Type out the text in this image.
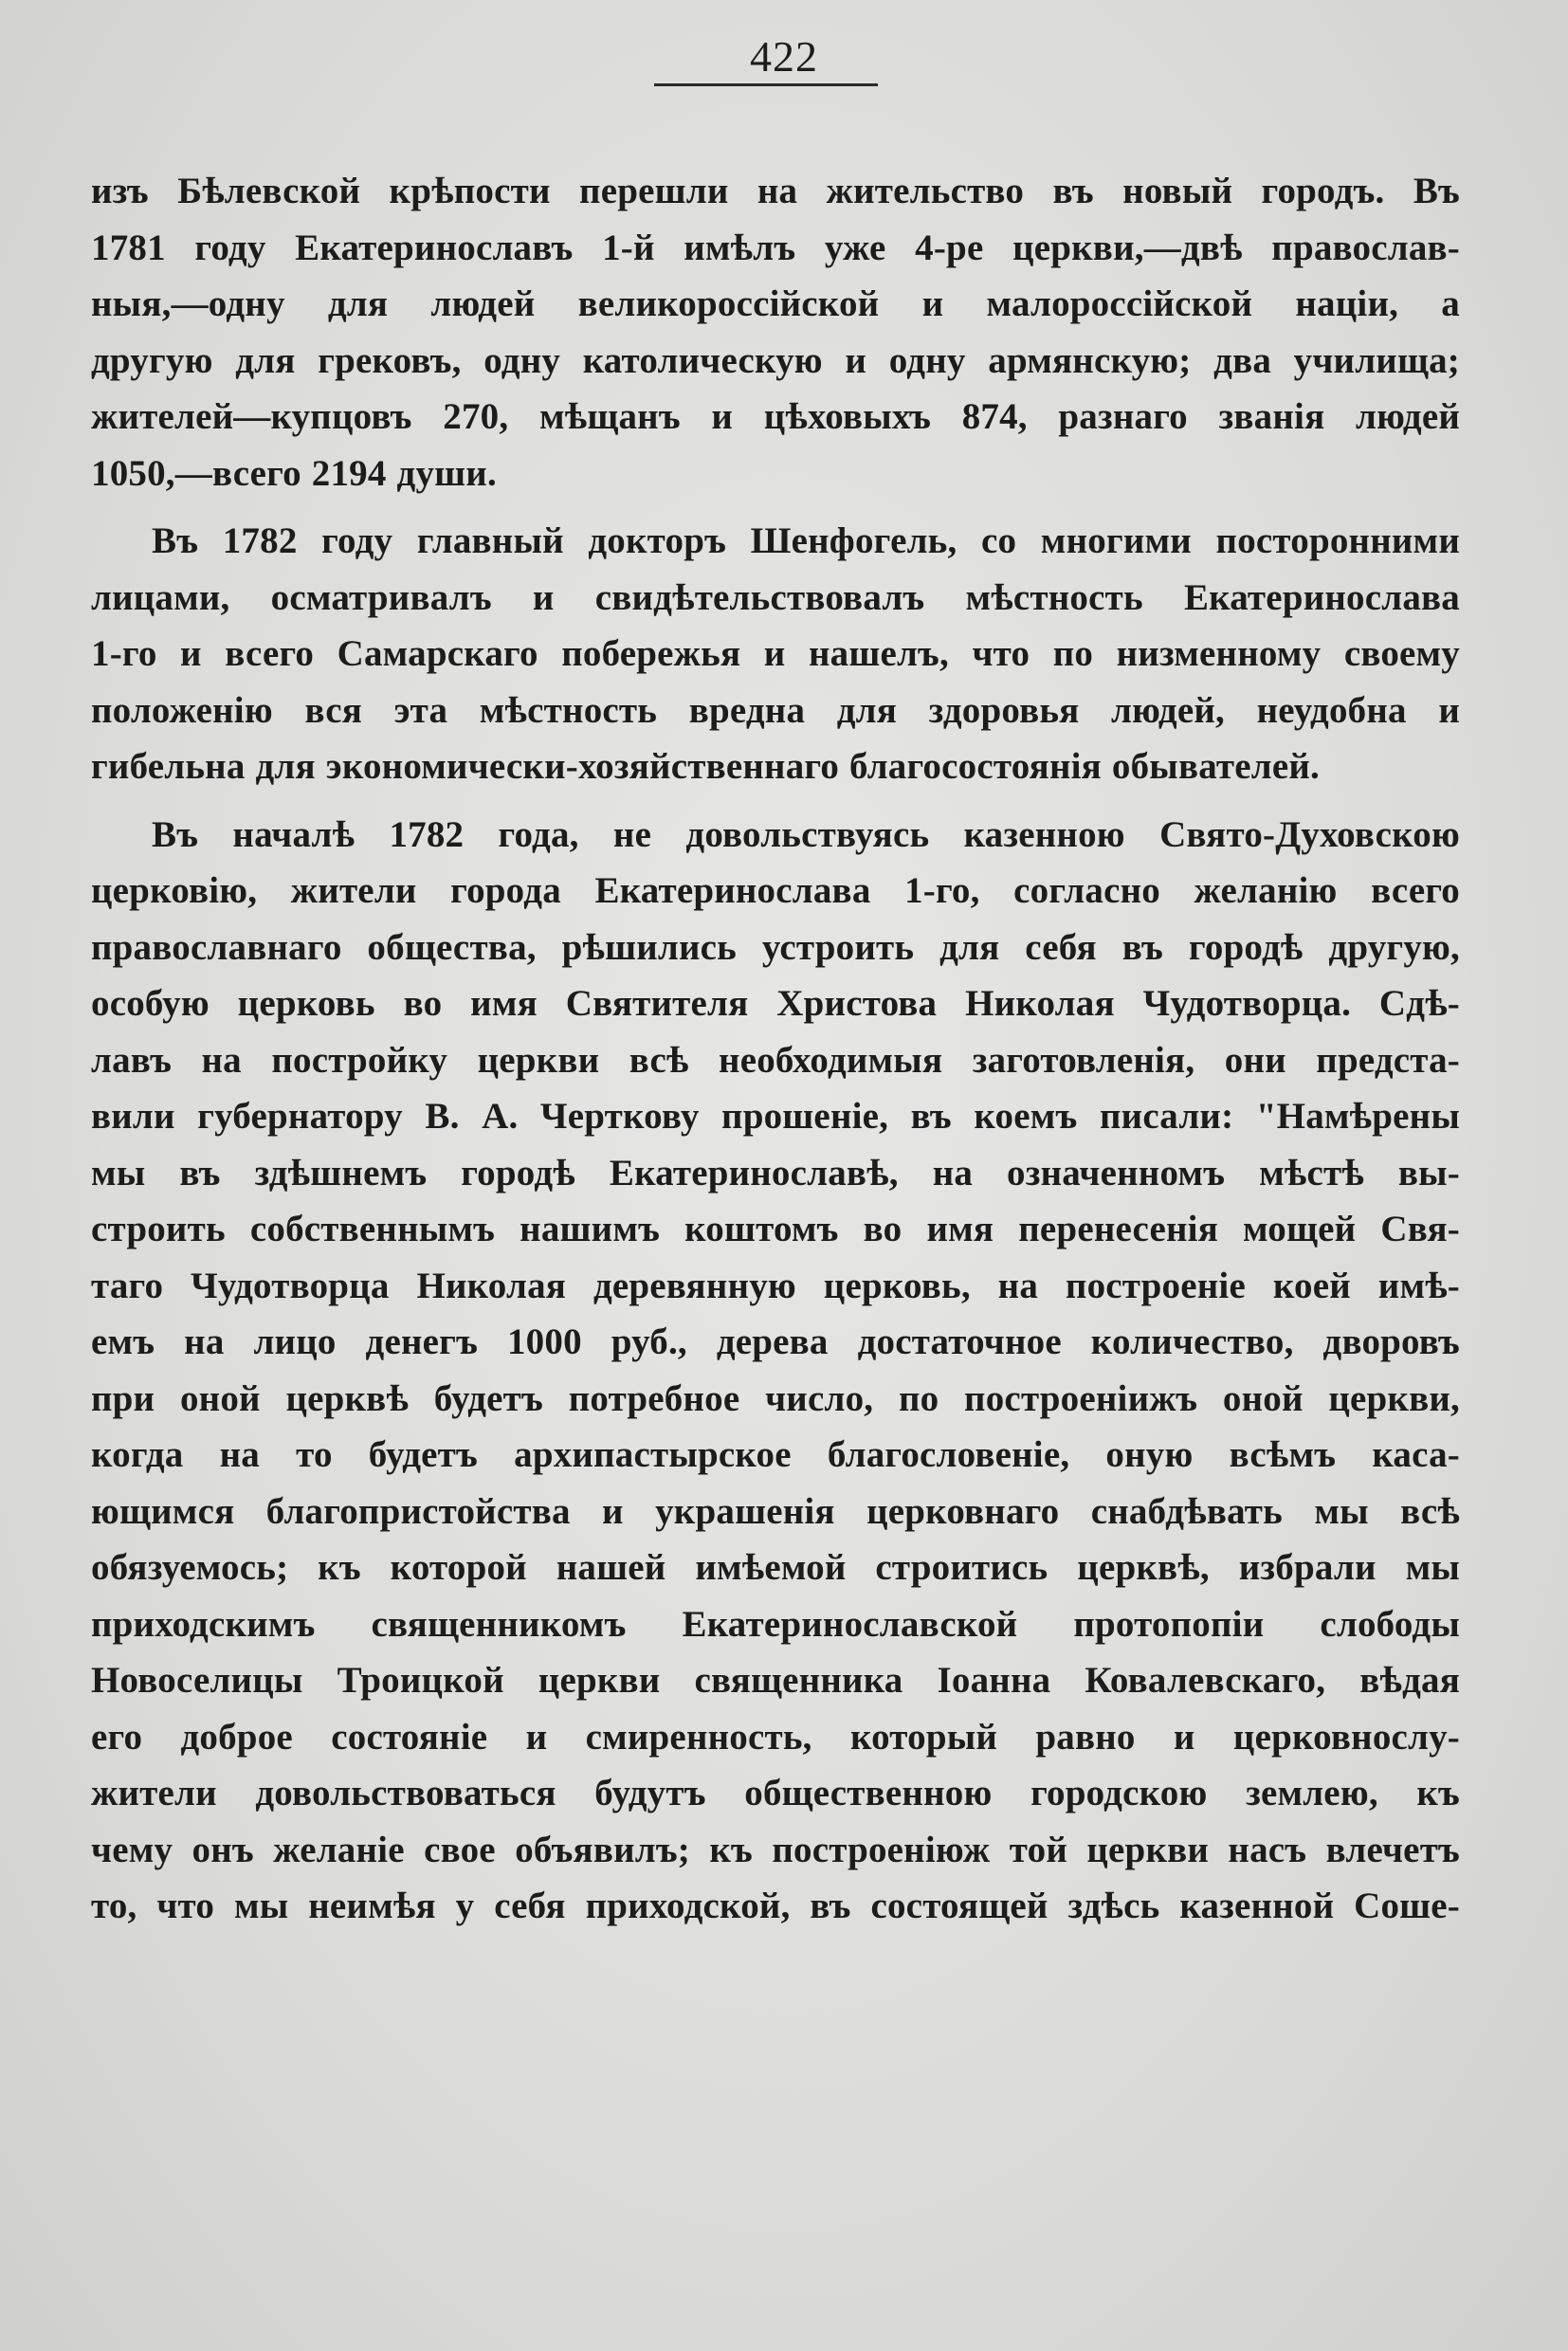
422
изъ Бѣлевской крѣпости перешли на жительство въ новый городъ. Въ
1781 году Екатеринославъ 1-й имѣлъ уже 4-ре церкви,—двѣ православ-
ныя,—одну для людей великороссійской и малороссійской націи, а
другую для грековъ, одну католическую и одну армянскую; два училища;
жителей—купцовъ 270, мѣщанъ и цѣховыхъ 874, разнаго званія людей
1050,—всего 2194 души.
Въ 1782 году главный докторъ Шенфогель, со многими посторонними
лицами, осматривалъ и свидѣтельствовалъ мѣстность Екатеринослава
1-го и всего Самарскаго побережья и нашелъ, что по низменному своему
положенію вся эта мѣстность вредна для здоровья людей, неудобна и
гибельна для экономически-хозяйственнаго благосостоянія обывателей.
Въ началѣ 1782 года, не довольствуясь казенною Свято-Духовскою
церковію, жители города Екатеринослава 1-го, согласно желанію всего
православнаго общества, рѣшились устроить для себя въ городѣ другую,
особую церковь во имя Святителя Христова Николая Чудотворца. Сдѣ-
лавъ на постройку церкви всѣ необходимыя заготовленія, они предста-
вили губернатору В. А. Черткову прошеніе, въ коемъ писали: "Намѣрены
мы въ здѣшнемъ городѣ Екатеринославѣ, на означенномъ мѣстѣ вы-
строить собственнымъ нашимъ коштомъ во имя перенесенія мощей Свя-
таго Чудотворца Николая деревянную церковь, на построеніе коей имѣ-
емъ на лицо денегъ 1000 руб., дерева достаточное количество, дворовъ
при оной церквѣ будетъ потребное число, по построеніижъ оной церкви,
когда на то будетъ архипастырское благословеніе, оную всѣмъ каса-
ющимся благопристойства и украшенія церковнаго снабдѣвать мы всѣ
обязуемось; къ которой нашей имѣемой строитись церквѣ, избрали мы
приходскимъ священникомъ Екатеринославской протопопіи слободы
Новоселицы Троицкой церкви священника Іоанна Ковалевскаго, вѣдая
его доброе состояніе и смиренность, который равно и церковнослу-
жители довольствоваться будутъ общественною городскою землею, къ
чему онъ желаніе свое объявилъ; къ построеніюж той церкви насъ влечетъ
то, что мы неимѣя у себя приходской, въ состоящей здѣсь казенной Соше-
